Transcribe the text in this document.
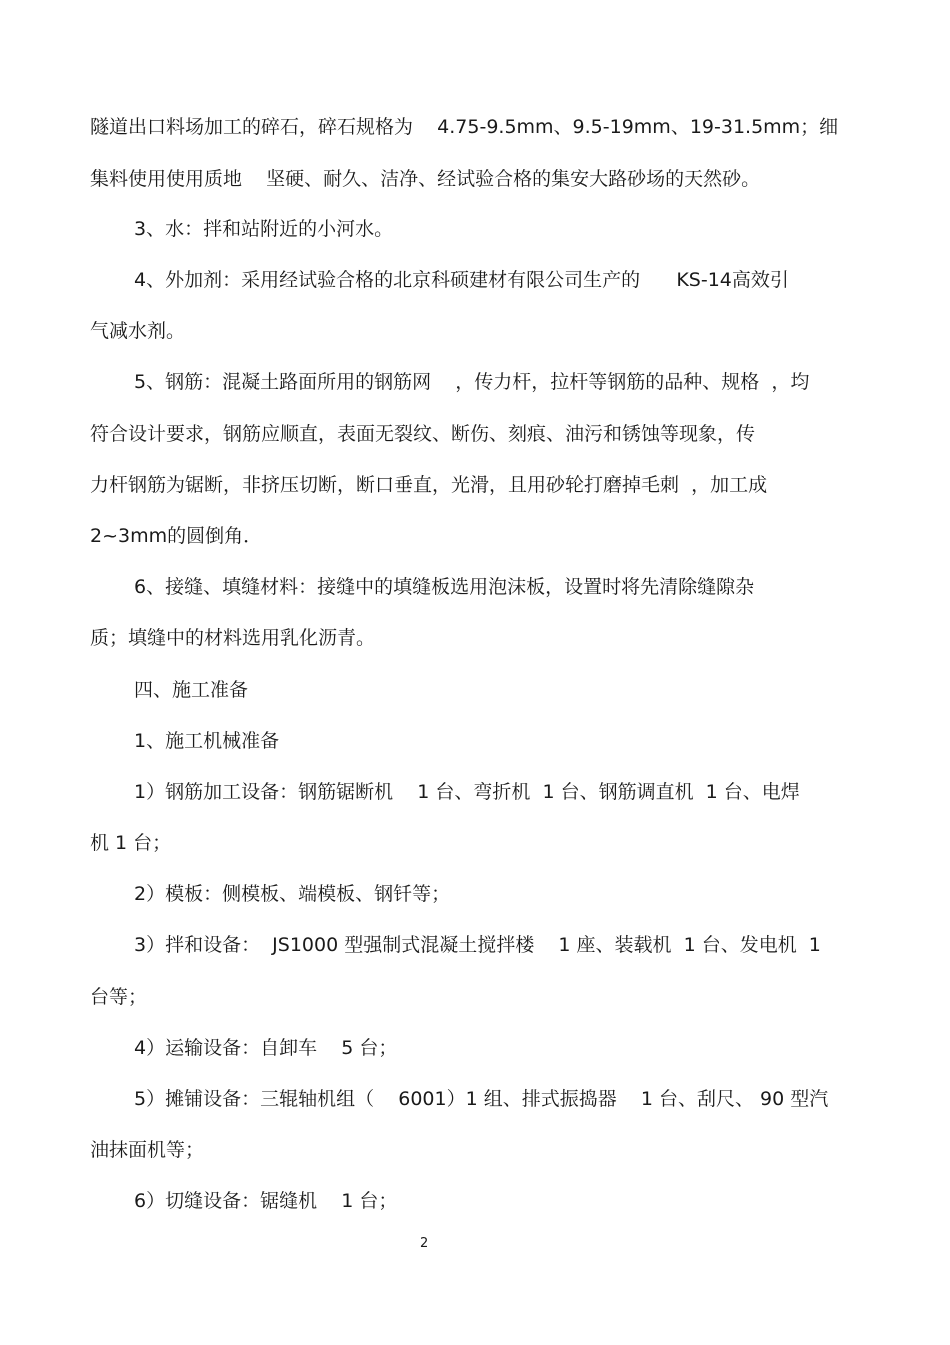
隧道出口料场加工的碎石，碎石规格为    4.75-9.5mm、9.5-19mm、19-31.5mm；细
集料使用使用质地    坚硬、耐久、洁净、经试验合格的集安大路砂场的天然砂。
3、水：拌和站附近的小河水。
4、外加剂：采用经试验合格的北京科硕建材有限公司生产的      KS-14高效引
气减水剂。
5、钢筋：混凝土路面所用的钢筋网    ，传力杆，拉杆等钢筋的品种、规格  ，均
符合设计要求，钢筋应顺直，表面无裂纹、断伤、刻痕、油污和锈蚀等现象，传
力杆钢筋为锯断，非挤压切断，断口垂直，光滑，且用砂轮打磨掉毛刺  ，加工成
2~3mm的圆倒角．
6、接缝、填缝材料：接缝中的填缝板选用泡沫板，设置时将先清除缝隙杂
质；填缝中的材料选用乳化沥青。
四、施工准备
1、施工机械准备
1）钢筋加工设备：钢筋锯断机    1 台、弯折机  1 台、钢筋调直机  1 台、电焊
机 1 台；
2）模板：侧模板、端模板、钢钎等；
3）拌和设备：  JS1000 型强制式混凝土搅拌楼    1 座、装载机  1 台、发电机  1
台等；
4）运输设备：自卸车    5 台；
5）摊铺设备：三辊轴机组（    6001）1 组、排式振捣器    1 台、刮尺、 90 型汽
油抹面机等；
6）切缝设备：锯缝机    1 台；
2
